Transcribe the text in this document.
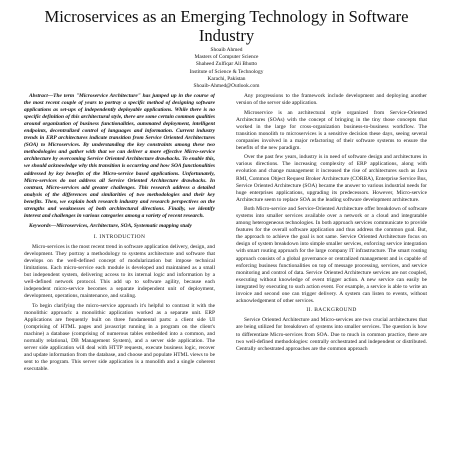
Microservices as an Emerging Technology in Software Industry
Shoaib Ahmed
Masters of Computer Science
Shaheed Zulfiqar Ali Bhutto
Institute of Science & Technology
Karachi, Pakistan
Shoaib-Ahmed@Outlook.com

Abstract—The term "Microservice Architecture" has jumped up in the course of the most recent couple of years to portray a specific method of designing software applications as set-ups of independently deployable applications. While there is no specific definition of this architectural style, there are some certain common qualities around organization of business functionalities, automated deployment, intelligent endpoints, decentralized control of languages and information. Current industry trends in ERP architectures indicate transition from Service Oriented Architectures (SOA) to Microservices. By understanding the key constraints among these two methodologies and gather with that we can deliver a more effective Micro-service architecture by overcoming Service Oriented Architecture drawbacks. To enable this, we should acknowledge why this transition is occurring and how SOA functionalities addressed by key benefits of the Micro-service based applications. Unfortunately, Micro-services do not address all Service Oriented Architecture drawbacks. In contrast, Micro-services add greater challenges. This research address a detailed analysis of the differences and similarities of two methodologies and their key benefits. Then, we explain both research industry and research perspectives on the strengths and weaknesses of both architectural directions. Finally, we identify interest and challenges in various categories among a variety of recent research.

Keywords—Microservices, Architecture, SOA, Systematic mapping study

I. INTRODUCTION

Micro-services is the most recent trend in software application delivery, design, and development. They portray a methodology to systems architecture and software that develops on the well-defined concept of modularization but impose technical limitations. Each micro-service each module is developed and maintained as a small but independent system, delivering access to its internal logic and information by a well-defined network protocol. This add up to software agility, because each independent micro-service becomes a separate independent unit of deployment, development, operations, maintenance, and scaling.

To begin clarifying the micro-service approach it's helpful to contrast it with the monolithic approach: a monolithic application worked as a separate unit. ERP Applications are frequently built on three fundamental parts: a client side UI (comprising of HTML pages and javascript running in a program on the client's machine) a database (comprising of numerous tables embedded into a common, and normally relational, DB Management System), and a server side application. The server side application will deal with HTTP requests, execute business logic, recover and update information from the database, and choose and populate HTML views to be sent to the program. This server side application is a monolith and a single coherent executable.

Any progressions to the framework include development and deploying another version of the server side application.

Microservice is an architectural style organized from Service-Oriented Architectures (SOAs) with the concept of bringing in the tiny those concepts that worked in the large for cross-organization business-to-business workflow. The transition monolith to microservices is a sensitive decision these days, seeing several companies involved in a major refactoring of their software systems to ensure the benefits of the new paradigm.

Over the past few years, industry is in need of software design and architectures in various directions. The increasing complexity of ERP applications, along with evolution and change management it increased the rise of architectures such as Java RMI, Common Object Request Broker Architecture (CORBA), Enterprise Service Bus, Service Oriented Architecture (SOA) became the answer to various industrial needs for huge enterprises applications, upgrading its predecessors. However, Micro-service Architecture seem to replace SOA as the leading software development architecture.

Both Micro-service and Service-Oriented Architecture offer breakdown of software systems into smaller services available over a network or a cloud and integratable among heterogeneous technologies. In both approach services communicate to provide features for the overall software application and thus address the common goal. But, the approach to achieve the goal is not same. Service Oriented Architecture focus on design of system breakdown into simple smaller services, enforcing service integration with smart routing approach for the large company IT infrastructure. The smart routing approach consists of a global governance or centralized management and is capable of enforcing business functionalities on top of message processing, services, and service monitoring and control of data. Service Oriented Architecture services are not coupled, executing without knowledge of event trigger action. A new service can easily be integrated by executing to such action event. For example, a service is able to write an invoice and second one can trigger delivery. A system can listen to events, without acknowledgement of other services.

II. BACKGROUND

Service Oriented Architecture and Micro-services are two crucial architectures that are being utilized for breakdown of systems into smaller services. The question is how to differentiate Micro-services from SOA. Due to much in common practice, there are two well-defined methodologies: centrally orchestrated and independent or distributed. Centrally orchestrated approaches are the common approach
